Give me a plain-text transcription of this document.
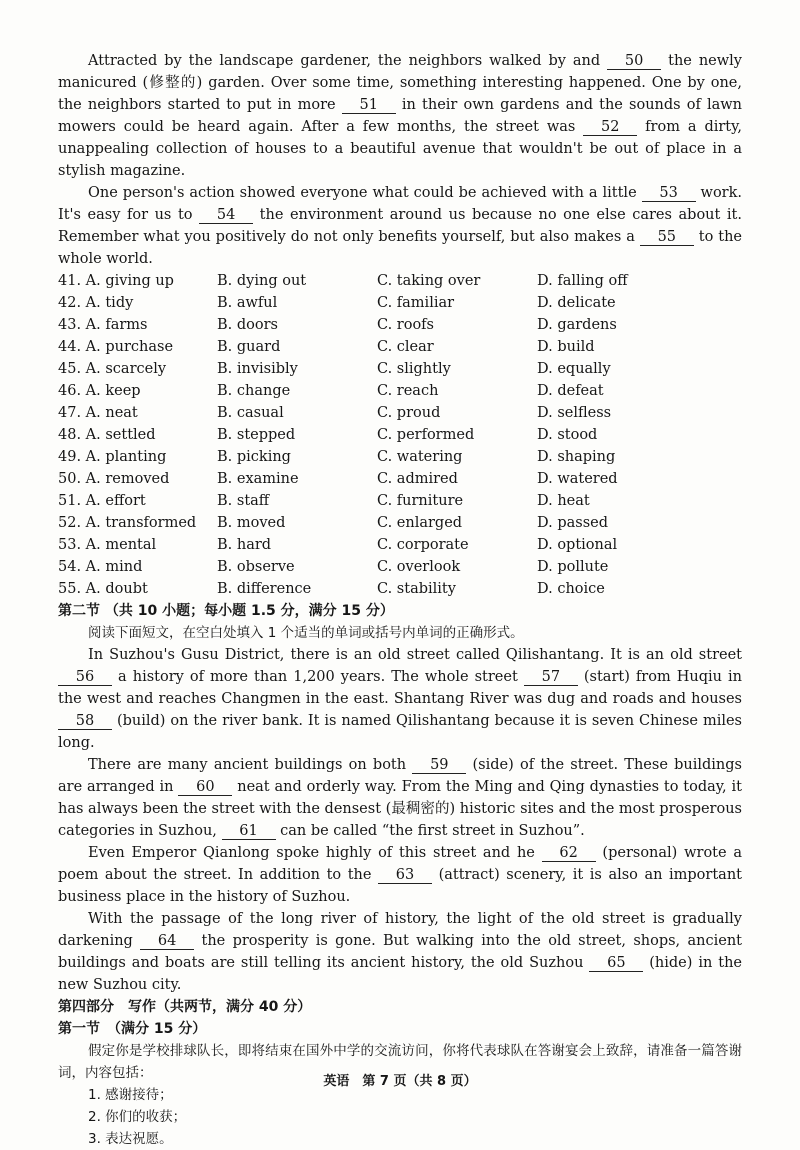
Attracted by the landscape gardener, the neighbors walked by and 50 the newly manicured (修整的) garden. Over some time, something interesting happened. One by one, the neighbors started to put in more 51 in their own gardens and the sounds of lawn mowers could be heard again. After a few months, the street was 52 from a dirty, unappealing collection of houses to a beautiful avenue that wouldn't be out of place in a stylish magazine.

One person's action showed everyone what could be achieved with a little 53 work. It's easy for us to 54 the environment around us because no one else cares about it. Remember what you positively do not only benefits yourself, but also makes a 55 to the whole world.

41. A. giving up	B. dying out	C. taking over	D. falling off
42. A. tidy	B. awful	C. familiar	D. delicate
43. A. farms	B. doors	C. roofs	D. gardens
44. A. purchase	B. guard	C. clear	D. build
45. A. scarcely	B. invisibly	C. slightly	D. equally
46. A. keep	B. change	C. reach	D. defeat
47. A. neat	B. casual	C. proud	D. selfless
48. A. settled	B. stepped	C. performed	D. stood
49. A. planting	B. picking	C. watering	D. shaping
50. A. removed	B. examine	C. admired	D. watered
51. A. effort	B. staff	C. furniture	D. heat
52. A. transformed	B. moved	C. enlarged	D. passed
53. A. mental	B. hard	C. corporate	D. optional
54. A. mind	B. observe	C. overlook	D. pollute
55. A. doubt	B. difference	C. stability	D. choice

第二节 （共 10 小题；每小题 1.5 分，满分 15 分）

阅读下面短文，在空白处填入 1 个适当的单词或括号内单词的正确形式。

In Suzhou's Gusu District, there is an old street called Qilishantang. It is an old street 56 a history of more than 1,200 years. The whole street 57 (start) from Huqiu in the west and reaches Changmen in the east. Shantang River was dug and roads and houses 58 (build) on the river bank. It is named Qilishantang because it is seven Chinese miles long.

There are many ancient buildings on both 59 (side) of the street. These buildings are arranged in 60 neat and orderly way. From the Ming and Qing dynasties to today, it has always been the street with the densest (最稠密的) historic sites and the most prosperous categories in Suzhou, 61 can be called “the first street in Suzhou”.

Even Emperor Qianlong spoke highly of this street and he 62 (personal) wrote a poem about the street. In addition to the 63 (attract) scenery, it is also an important business place in the history of Suzhou.

With the passage of the long river of history, the light of the old street is gradually darkening 64 the prosperity is gone. But walking into the old street, shops, ancient buildings and boats are still telling its ancient history, the old Suzhou 65 (hide) in the new Suzhou city.

第四部分　写作（共两节，满分 40 分）

第一节　（满分 15 分）

假定你是学校排球队长，即将结束在国外中学的交流访问，你将代表球队在答谢宴会上致辞，请准备一篇答谢词，内容包括：

1. 感谢接待；

2. 你们的收获；

3. 表达祝愿。

英语　第 7 页（共 8 页）
